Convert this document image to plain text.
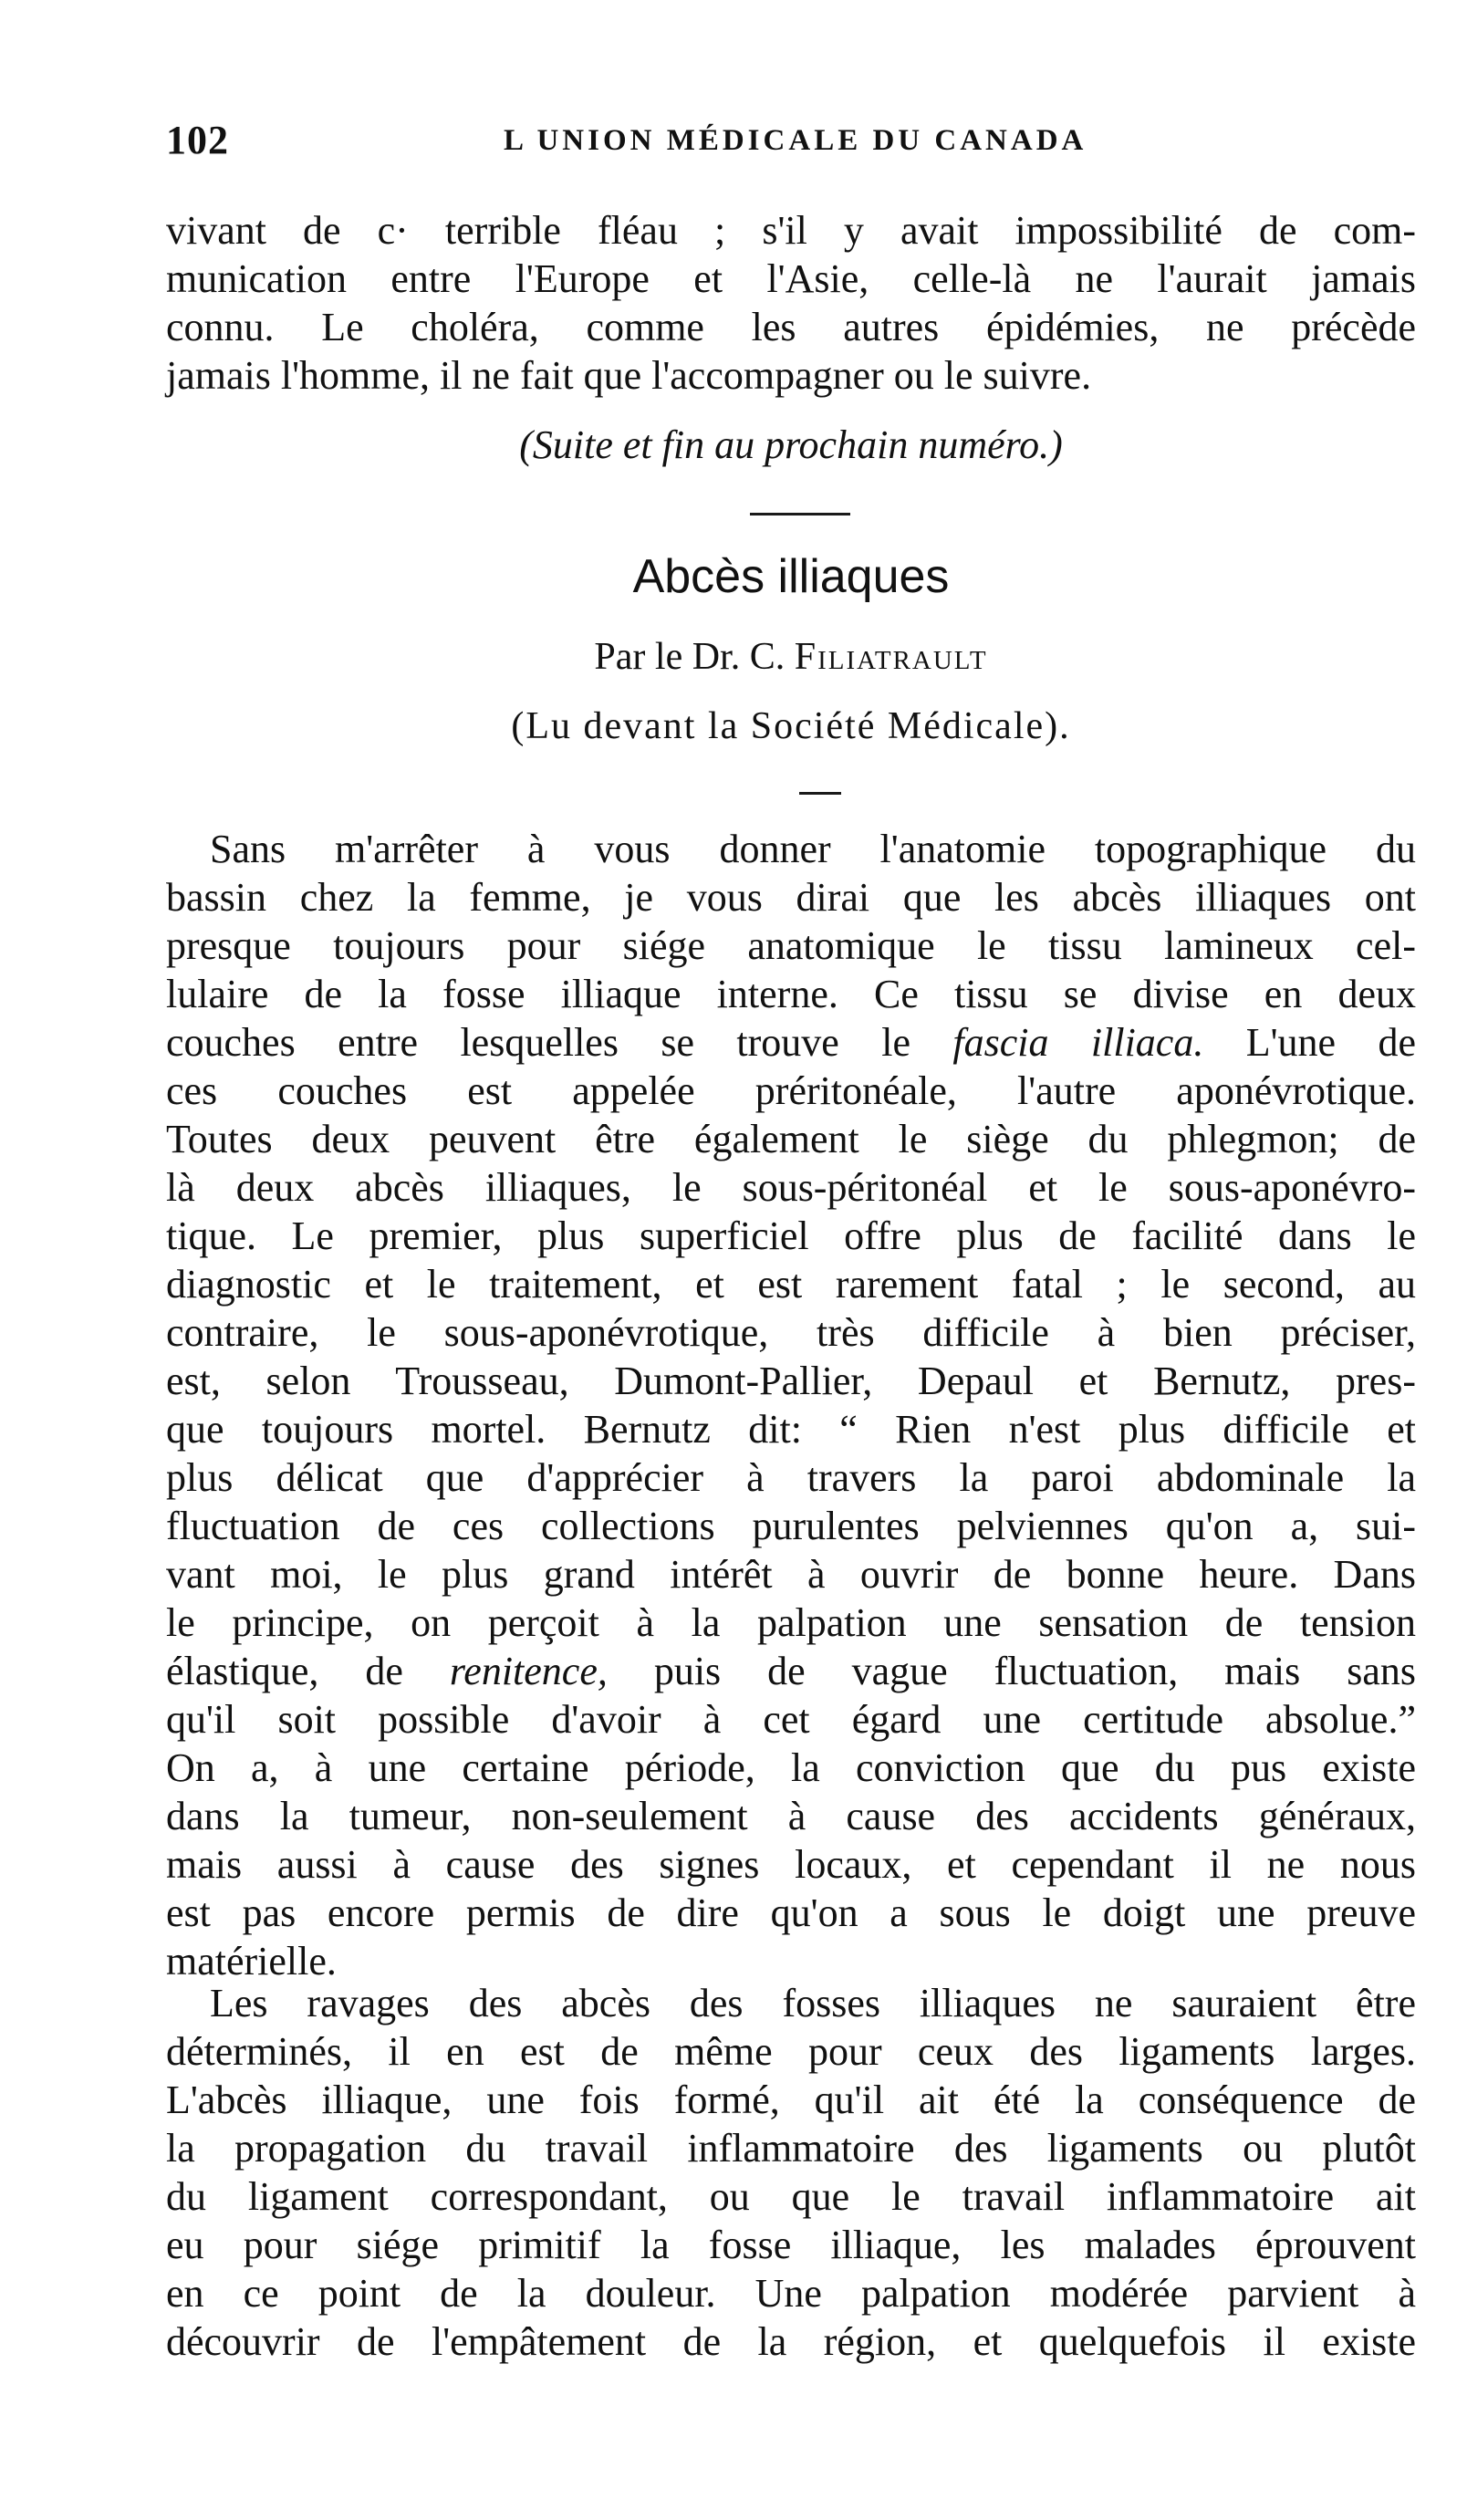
102	L UNION MÉDICALE DU CANADA
vivant de c· terrible fléau ; s'il y avait impossibilité de com-
munication entre l'Europe et l'Asie, celle-là ne l'aurait jamais
connu. Le choléra, comme les autres épidémies, ne précède
jamais l'homme, il ne fait que l'accompagner ou le suivre.
(Suite et fin au prochain numéro.)
Abcès illiaques
Par le Dr. C. Filiatrault
(Lu devant la Société Médicale).
Sans m'arrêter à vous donner l'anatomie topographique du
bassin chez la femme, je vous dirai que les abcès illiaques ont
presque toujours pour siége anatomique le tissu lamineux cel-
lulaire de la fosse illiaque interne. Ce tissu se divise en deux
couches entre lesquelles se trouve le fascia illiaca. L'une de
ces couches est appelée préritonéale, l'autre aponévrotique.
Toutes deux peuvent être également le siège du phlegmon; de
là deux abcès illiaques, le sous-péritonéal et le sous-aponévro-
tique. Le premier, plus superficiel offre plus de facilité dans le
diagnostic et le traitement, et est rarement fatal ; le second, au
contraire, le sous-aponévrotique, très difficile à bien préciser,
est, selon Trousseau, Dumont-Pallier, Depaul et Bernutz, pres-
que toujours mortel. Bernutz dit: “ Rien n'est plus difficile et
plus délicat que d'apprécier à travers la paroi abdominale la
fluctuation de ces collections purulentes pelviennes qu'on a, sui-
vant moi, le plus grand intérêt à ouvrir de bonne heure. Dans
le principe, on perçoit à la palpation une sensation de tension
élastique, de renitence, puis de vague fluctuation, mais sans
qu'il soit possible d'avoir à cet égard une certitude absolue.”
On a, à une certaine période, la conviction que du pus existe
dans la tumeur, non-seulement à cause des accidents généraux,
mais aussi à cause des signes locaux, et cependant il ne nous
est pas encore permis de dire qu'on a sous le doigt une preuve
matérielle.
Les ravages des abcès des fosses illiaques ne sauraient être
déterminés, il en est de même pour ceux des ligaments larges.
L'abcès illiaque, une fois formé, qu'il ait été la conséquence de
la propagation du travail inflammatoire des ligaments ou plutôt
du ligament correspondant, ou que le travail inflammatoire ait
eu pour siége primitif la fosse illiaque, les malades éprouvent
en ce point de la douleur. Une palpation modérée parvient à
découvrir de l'empâtement de la région, et quelquefois il existe
